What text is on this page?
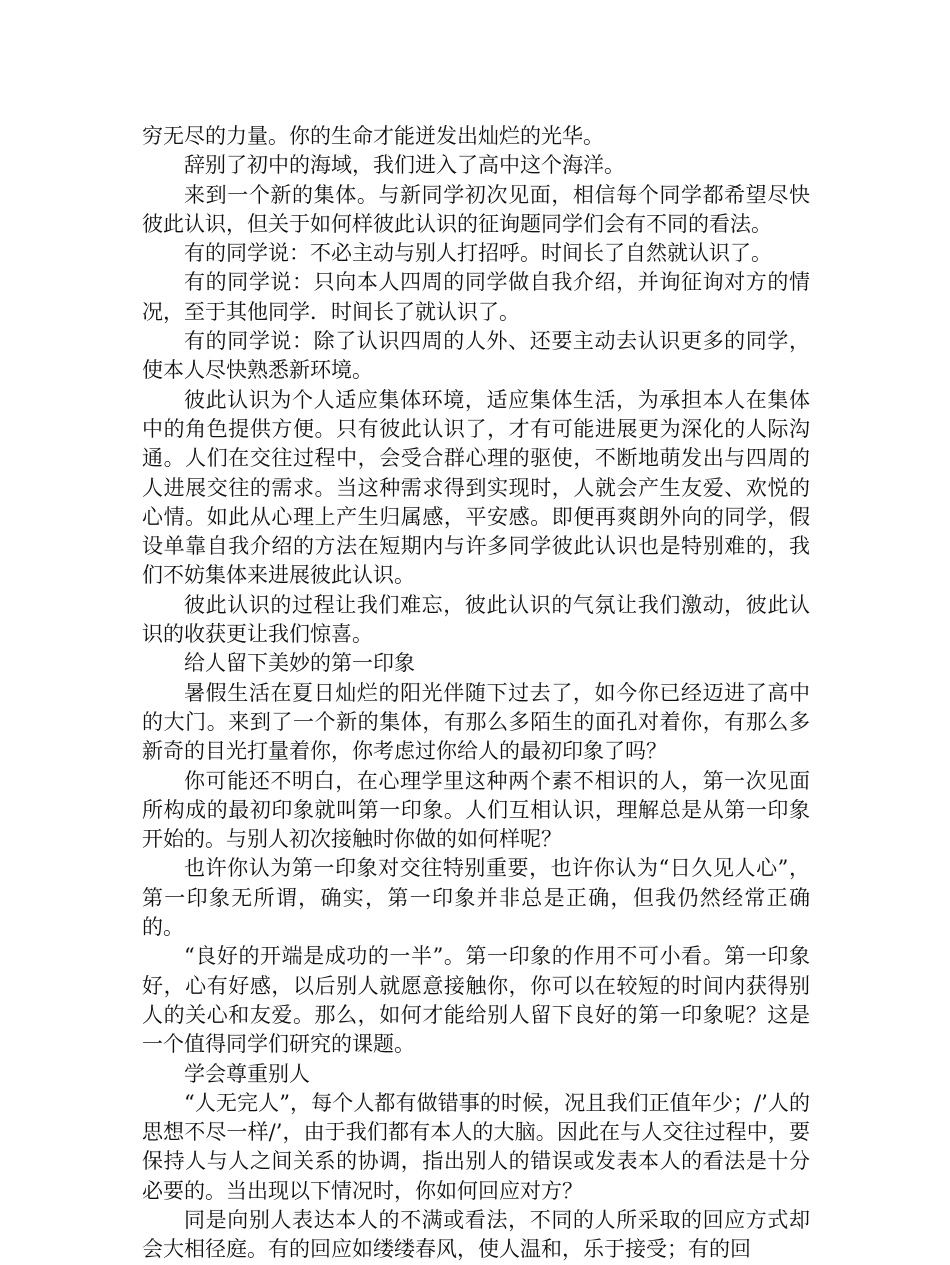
穷无尽的力量。你的生命才能迸发出灿烂的光华。

辞别了初中的海域，我们进入了高中这个海洋。

来到一个新的集体。与新同学初次见面，相信每个同学都希望尽快彼此认识，但关于如何样彼此认识的征询题同学们会有不同的看法。

有的同学说：不必主动与别人打招呼。时间长了自然就认识了。

有的同学说：只向本人四周的同学做自我介绍，并询征询对方的情况，至于其他同学．时间长了就认识了。

有的同学说：除了认识四周的人外、还要主动去认识更多的同学，使本人尽快熟悉新环境。

彼此认识为个人适应集体环境，适应集体生活，为承担本人在集体中的角色提供方便。只有彼此认识了，才有可能进展更为深化的人际沟通。人们在交往过程中，会受合群心理的驱使，不断地萌发出与四周的人进展交往的需求。当这种需求得到实现时，人就会产生友爱、欢悦的心情。如此从心理上产生归属感，平安感。即便再爽朗外向的同学，假设单靠自我介绍的方法在短期内与许多同学彼此认识也是特别难的，我们不妨集体来进展彼此认识。

彼此认识的过程让我们难忘，彼此认识的气氛让我们激动，彼此认识的收获更让我们惊喜。

给人留下美妙的第一印象

暑假生活在夏日灿烂的阳光伴随下过去了，如今你已经迈进了高中的大门。来到了一个新的集体，有那么多陌生的面孔对着你，有那么多新奇的目光打量着你，你考虑过你给人的最初印象了吗？

你可能还不明白，在心理学里这种两个素不相识的人，第一次见面所构成的最初印象就叫第一印象。人们互相认识，理解总是从第一印象开始的。与别人初次接触时你做的如何样呢？

也许你认为第一印象对交往特别重要，也许你认为“日久见人心”，第一印象无所谓，确实，第一印象并非总是正确，但我仍然经常正确的。

“良好的开端是成功的一半”。第一印象的作用不可小看。第一印象好，心有好感，以后别人就愿意接触你，你可以在较短的时间内获得别人的关心和友爱。那么，如何才能给别人留下良好的第一印象呢？这是一个值得同学们研究的课题。

学会尊重别人

“人无完人”，每个人都有做错事的时候，况且我们正值年少；/’人的思想不尽一样/’，由于我们都有本人的大脑。因此在与人交往过程中，要保持人与人之间关系的协调，指出别人的错误或发表本人的看法是十分必要的。当出现以下情况时，你如何回应对方？

同是向别人表达本人的不满或看法，不同的人所采取的回应方式却会大相径庭。有的回应如缕缕春风，使人温和，乐于接受；有的回
